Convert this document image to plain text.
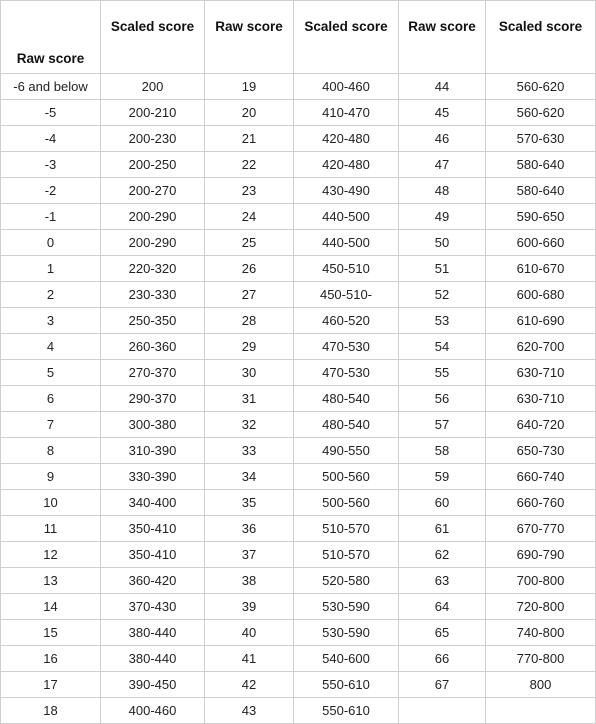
Raw score	Scaled score	Raw score	Scaled score	Raw score	Scaled score
-6 and below	200	19	400-460	44	560-620
-5	200-210	20	410-470	45	560-620
-4	200-230	21	420-480	46	570-630
-3	200-250	22	420-480	47	580-640
-2	200-270	23	430-490	48	580-640
-1	200-290	24	440-500	49	590-650
0	200-290	25	440-500	50	600-660
1	220-320	26	450-510	51	610-670
2	230-330	27	450-510-	52	600-680
3	250-350	28	460-520	53	610-690
4	260-360	29	470-530	54	620-700
5	270-370	30	470-530	55	630-710
6	290-370	31	480-540	56	630-710
7	300-380	32	480-540	57	640-720
8	310-390	33	490-550	58	650-730
9	330-390	34	500-560	59	660-740
10	340-400	35	500-560	60	660-760
11	350-410	36	510-570	61	670-770
12	350-410	37	510-570	62	690-790
13	360-420	38	520-580	63	700-800
14	370-430	39	530-590	64	720-800
15	380-440	40	530-590	65	740-800
16	380-440	41	540-600	66	770-800
17	390-450	42	550-610	67	800
18	400-460	43	550-610		
